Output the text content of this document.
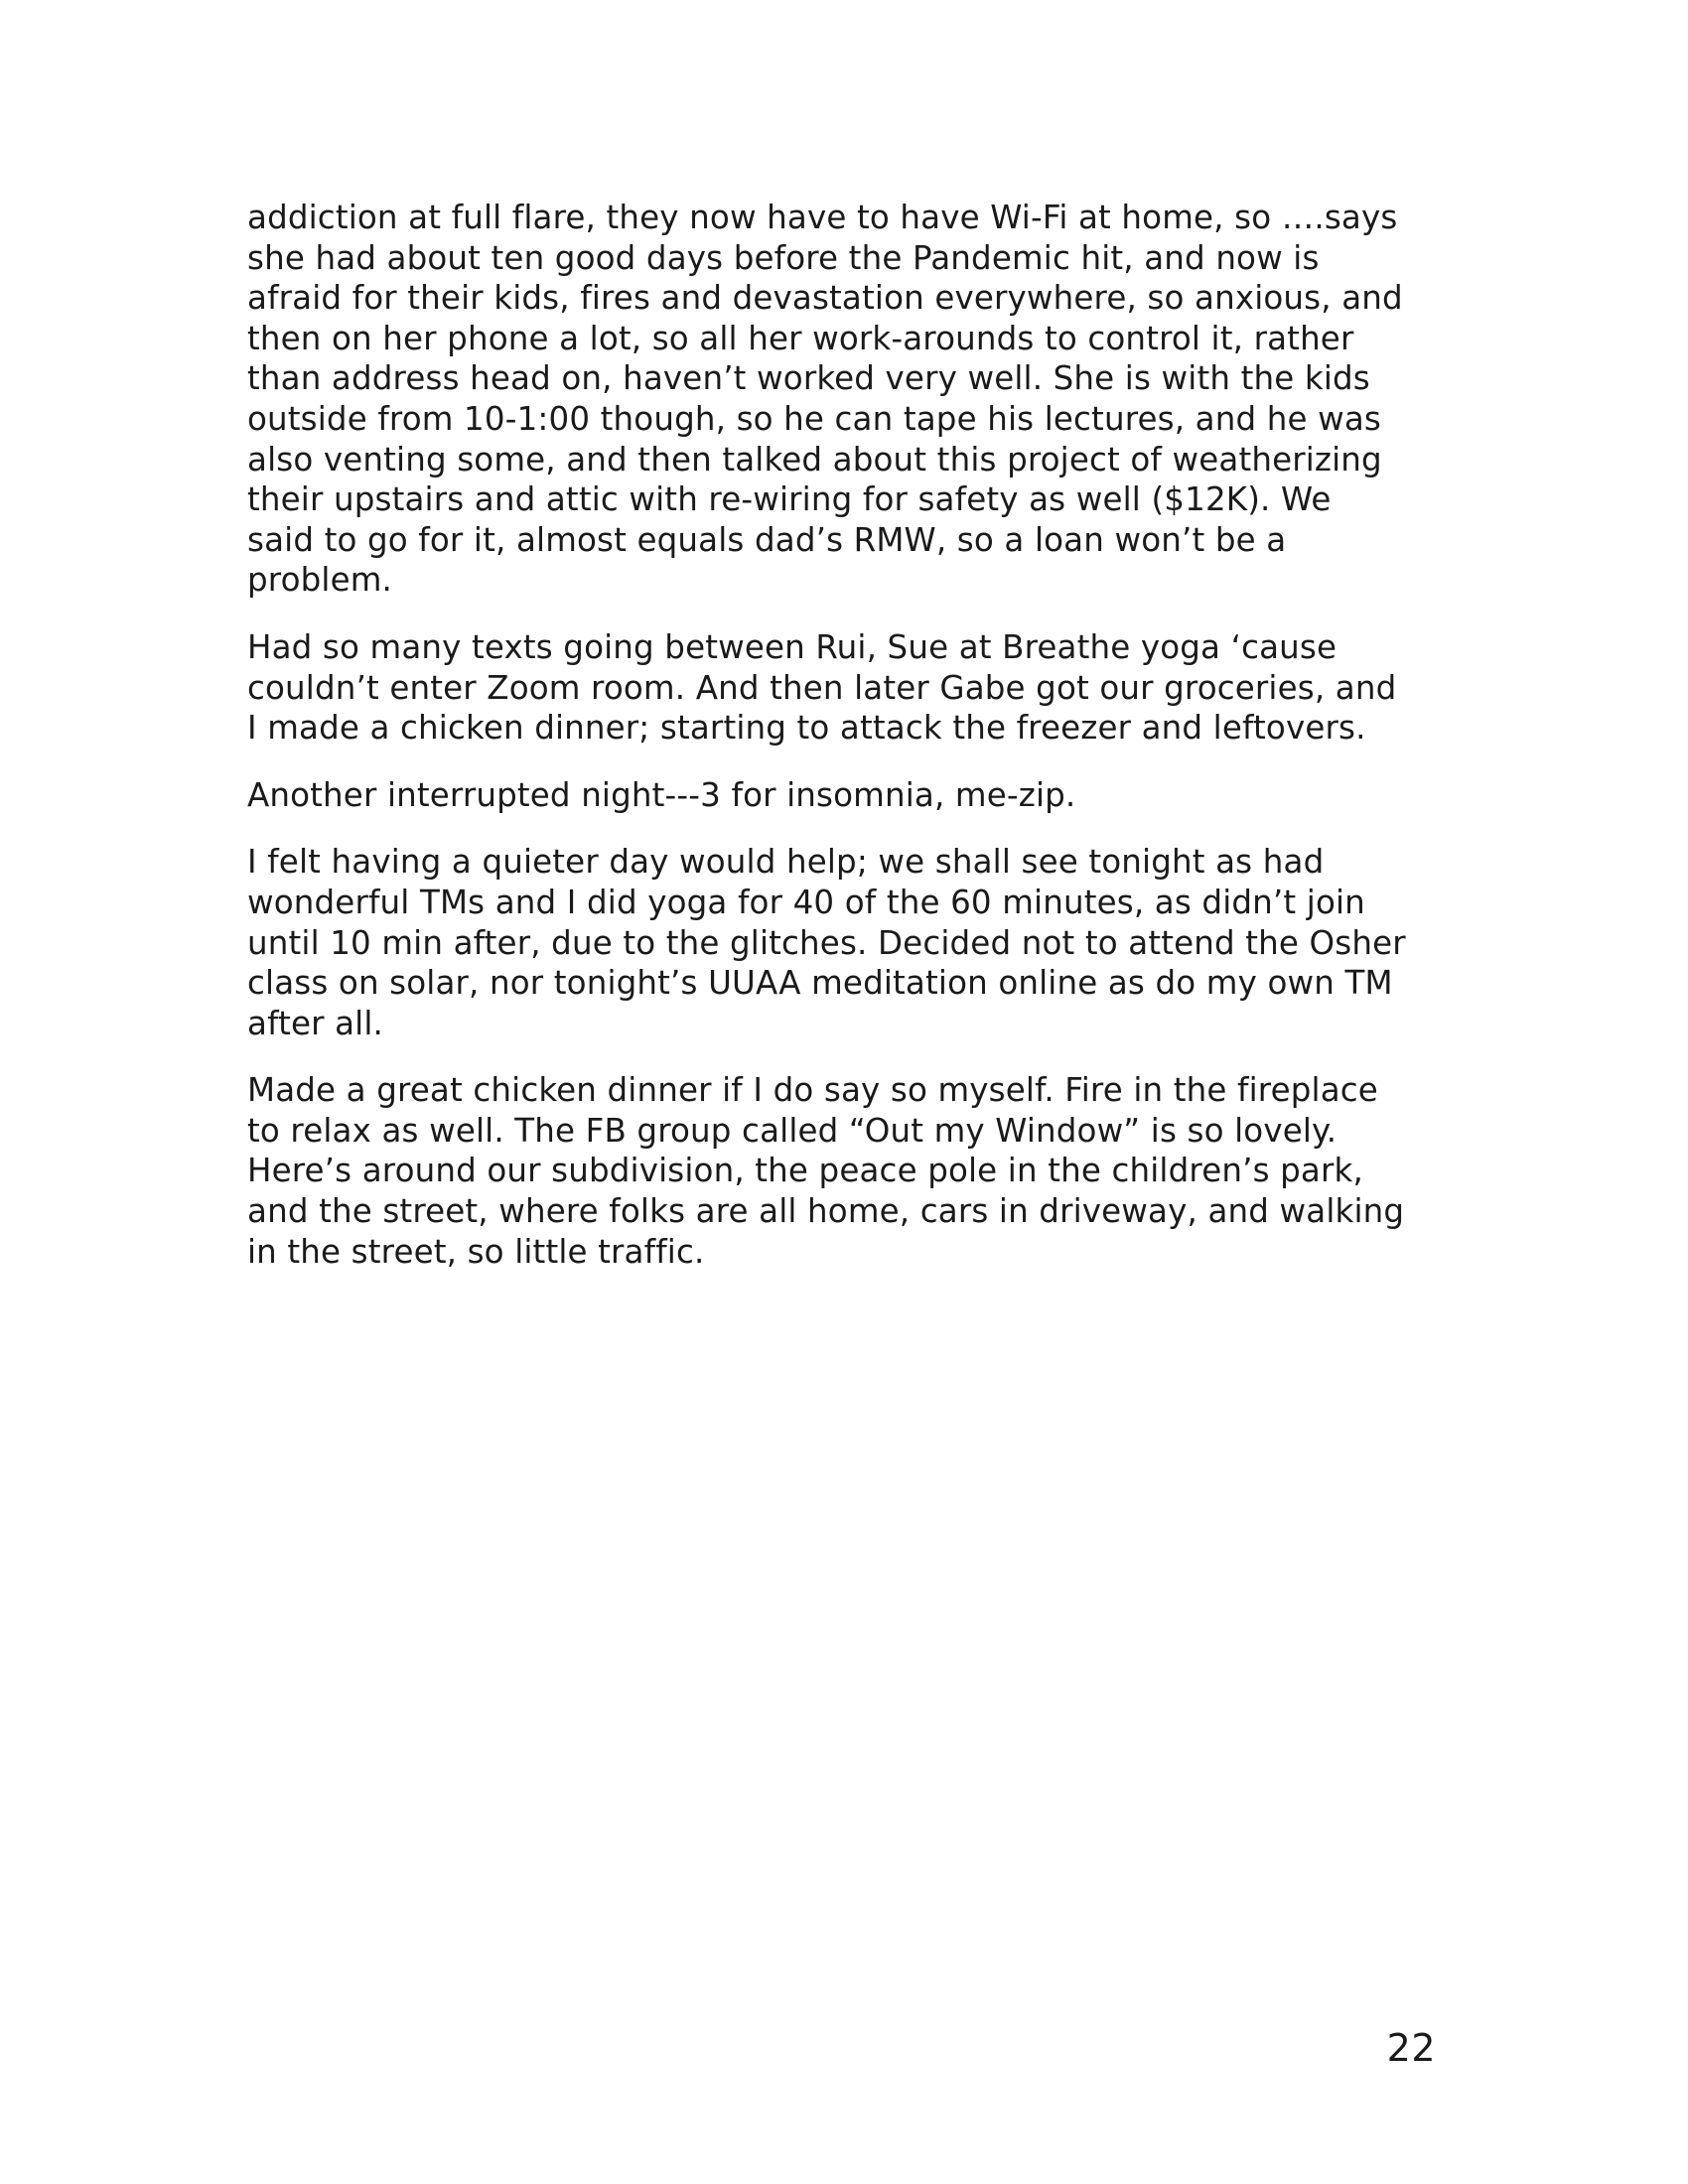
addiction at full flare, they now have to have Wi-Fi at home, so ….says
she had about ten good days before the Pandemic hit, and now is
afraid for their kids, fires and devastation everywhere, so anxious, and
then on her phone a lot, so all her work-arounds to control it, rather
than address head on, haven’t worked very well. She is with the kids
outside from 10-1:00 though, so he can tape his lectures, and he was
also venting some, and then talked about this project of weatherizing
their upstairs and attic with re-wiring for safety as well ($12K). We
said to go for it, almost equals dad’s RMW, so a loan won’t be a
problem.

Had so many texts going between Rui, Sue at Breathe yoga ‘cause
couldn’t enter Zoom room. And then later Gabe got our groceries, and
I made a chicken dinner; starting to attack the freezer and leftovers.

Another interrupted night---3 for insomnia, me-zip.

I felt having a quieter day would help; we shall see tonight as had
wonderful TMs and I did yoga for 40 of the 60 minutes, as didn’t join
until 10 min after, due to the glitches. Decided not to attend the Osher
class on solar, nor tonight’s UUAA meditation online as do my own TM
after all.

Made a great chicken dinner if I do say so myself. Fire in the fireplace
to relax as well. The FB group called “Out my Window” is so lovely.
Here’s around our subdivision, the peace pole in the children’s park,
and the street, where folks are all home, cars in driveway, and walking
in the street, so little traffic.

22
